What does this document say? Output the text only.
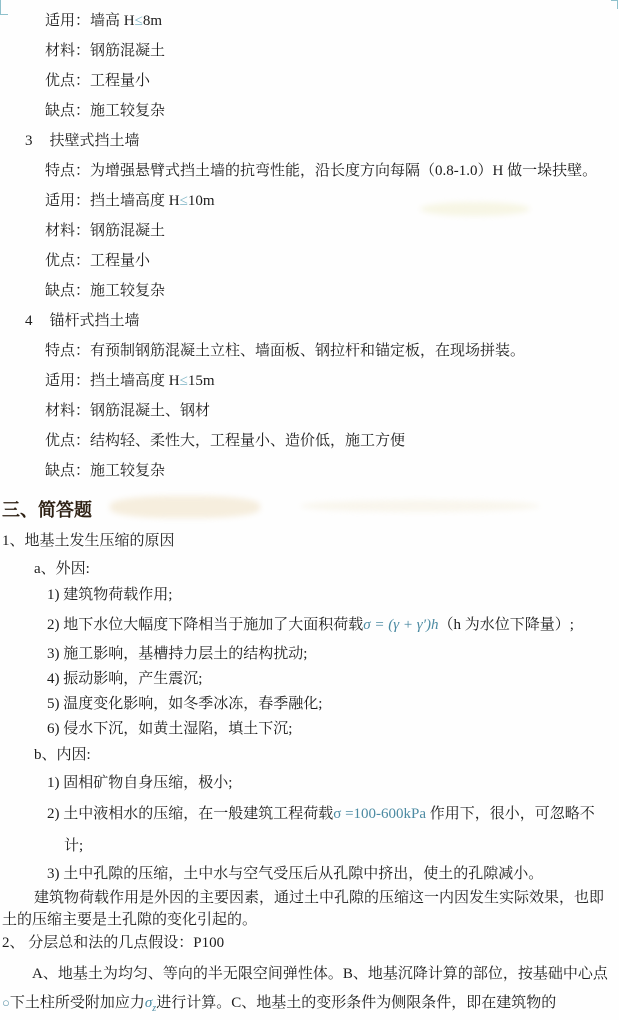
适用：墙高 H≤8m
材料：钢筋混凝土
优点：工程量小
缺点：施工较复杂
3 扶壁式挡土墙
特点：为增强悬臂式挡土墙的抗弯性能，沿长度方向每隔（0.8-1.0）H 做一垛扶壁。
适用：挡土墙高度 H≤10m
材料：钢筋混凝土
优点：工程量小
缺点：施工较复杂
4 锚杆式挡土墙
特点：有预制钢筋混凝土立柱、墙面板、钢拉杆和锚定板，在现场拼装。
适用：挡土墙高度 H≤15m
材料：钢筋混凝土、钢材
优点：结构轻、柔性大，工程量小、造价低，施工方便
缺点：施工较复杂
三、简答题
1、地基土发生压缩的原因
a、外因:
1) 建筑物荷载作用;
2) 地下水位大幅度下降相当于施加了大面积荷载σ = (γ + γ′)h（h 为水位下降量）;
3) 施工影响，基槽持力层土的结构扰动;
4) 振动影响，产生震沉;
5) 温度变化影响，如冬季冰冻，春季融化;
6) 侵水下沉，如黄土湿陷，填土下沉;
b、内因:
1) 固相矿物自身压缩，极小;
2) 土中液相水的压缩，在一般建筑工程荷载σ =100-600kPa 作用下，很小，可忽略不
计;
3) 土中孔隙的压缩，土中水与空气受压后从孔隙中挤出，使土的孔隙减小。
建筑物荷载作用是外因的主要因素，通过土中孔隙的压缩这一内因发生实际效果，也即土的压缩主要是土孔隙的变化引起的。
2、 分层总和法的几点假设：P100
A、地基土为均匀、等向的半无限空间弹性体。B、地基沉降计算的部位，按基础中心点
○下土柱所受附加应力$\sigma_z$进行计算。C、地基土的变形条件为侧限条件，即在建筑物的
